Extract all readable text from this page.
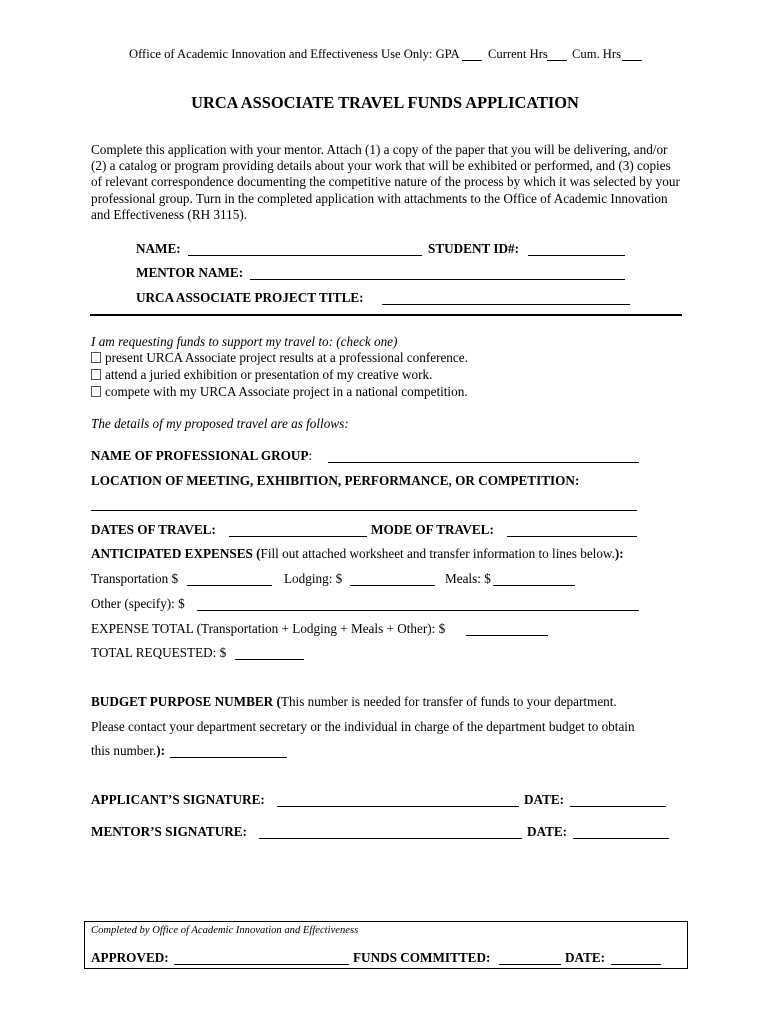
Office of Academic Innovation and Effectiveness Use Only: GPA Current Hrs Cum. Hrs
URCA ASSOCIATE TRAVEL FUNDS APPLICATION
Complete this application with your mentor. Attach (1) a copy of the paper that you will be delivering, and/or (2) a catalog or program providing details about your work that will be exhibited or performed, and (3) copies of relevant correspondence documenting the competitive nature of the process by which it was selected by your professional group. Turn in the completed application with attachments to the Office of Academic Innovation and Effectiveness (RH 3115).
NAME:	STUDENT ID#:
MENTOR NAME:
URCA ASSOCIATE PROJECT TITLE:
I am requesting funds to support my travel to: (check one)
present URCA Associate project results at a professional conference.
attend a juried exhibition or presentation of my creative work.
compete with my URCA Associate project in a national competition.
The details of my proposed travel are as follows:
NAME OF PROFESSIONAL GROUP:
LOCATION OF MEETING, EXHIBITION, PERFORMANCE, OR COMPETITION:
DATES OF TRAVEL:	MODE OF TRAVEL:
ANTICIPATED EXPENSES (Fill out attached worksheet and transfer information to lines below.):
Transportation $	Lodging: $	Meals: $
Other (specify): $
EXPENSE TOTAL (Transportation + Lodging + Meals + Other): $
TOTAL REQUESTED: $
BUDGET PURPOSE NUMBER (This number is needed for transfer of funds to your department.
Please contact your department secretary or the individual in charge of the department budget to obtain
this number.):
APPLICANT’S SIGNATURE:	DATE:
MENTOR’S SIGNATURE:	DATE:
Completed by Office of Academic Innovation and Effectiveness
APPROVED:	FUNDS COMMITTED:	DATE:
